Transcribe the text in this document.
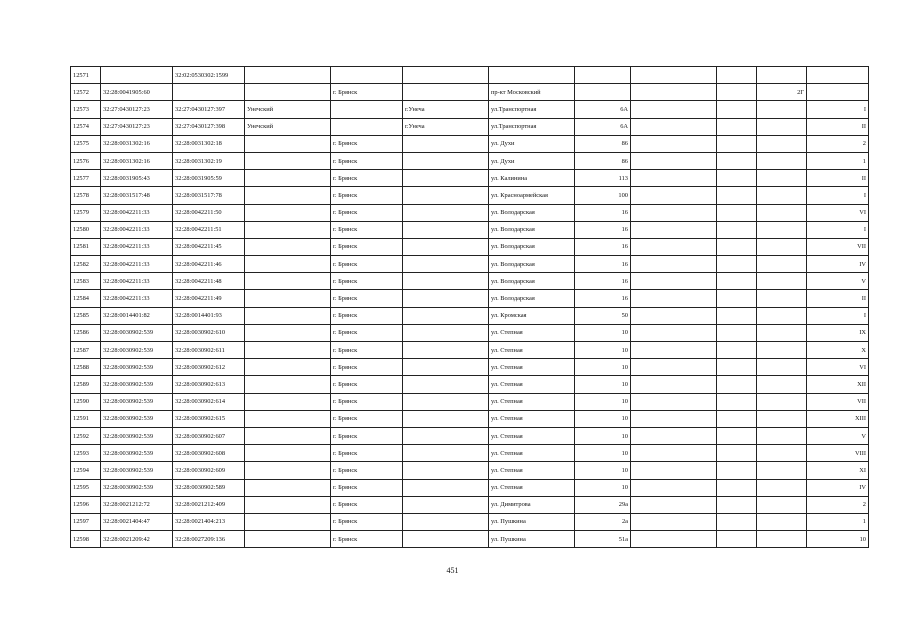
12571		32:02:0530302:1599									
12572	32:28:0041905:60			г. Брянск		пр-кт Московский				2Г	
12573	32:27:0430127:23	32:27:0430127:397	Унечский		г.Унеча	ул.Транспортная	6А				I
12574	32:27:0430127:23	32:27:0430127:398	Унечский		г.Унеча	ул.Транспортная	6А				II
12575	32:28:0031302:16	32:28:0031302:18		г. Брянск		ул. Духи	86				2
12576	32:28:0031302:16	32:28:0031302:19		г. Брянск		ул. Духи	86				1
12577	32:28:0031905:43	32:28:0031905:59		г. Брянск		ул. Калинина	113				II
12578	32:28:0031517:48	32:28:0031517:78		г. Брянск		ул. Красноармейская	100				I
12579	32:28:0042211:33	32:28:0042211:50		г. Брянск		ул. Володарская	16				VI
12580	32:28:0042211:33	32:28:0042211:51		г. Брянск		ул. Володарская	16				I
12581	32:28:0042211:33	32:28:0042211:45		г. Брянск		ул. Володарская	16				VII
12582	32:28:0042211:33	32:28:0042211:46		г. Брянск		ул. Володарская	16				IV
12583	32:28:0042211:33	32:28:0042211:48		г. Брянск		ул. Володарская	16				V
12584	32:28:0042211:33	32:28:0042211:49		г. Брянск		ул. Володарская	16				II
12585	32:28:0014401:82	32:28:0014401:93		г. Брянск		ул. Кромская	50				I
12586	32:28:0030902:539	32:28:0030902:610		г. Брянск		ул. Степная	10				IX
12587	32:28:0030902:539	32:28:0030902:611		г. Брянск		ул. Степная	10				X
12588	32:28:0030902:539	32:28:0030902:612		г. Брянск		ул. Степная	10				VI
12589	32:28:0030902:539	32:28:0030902:613		г. Брянск		ул. Степная	10				XII
12590	32:28:0030902:539	32:28:0030902:614		г. Брянск		ул. Степная	10				VII
12591	32:28:0030902:539	32:28:0030902:615		г. Брянск		ул. Степная	10				XIII
12592	32:28:0030902:539	32:28:0030902:607		г. Брянск		ул. Степная	10				V
12593	32:28:0030902:539	32:28:0030902:608		г. Брянск		ул. Степная	10				VIII
12594	32:28:0030902:539	32:28:0030902:609		г. Брянск		ул. Степная	10				XI
12595	32:28:0030902:539	32:28:0030902:589		г. Брянск		ул. Степная	10				IV
12596	32:28:0021212:72	32:28:0021212:409		г. Брянск		ул. Димитрова	29а				2
12597	32:28:0021404:47	32:28:0021404:213		г. Брянск		ул. Пушкина	2а				1
12598	32:28:0021209:42	32:28:0027209:136		г. Брянск		ул. Пушкина	51а				10
451
